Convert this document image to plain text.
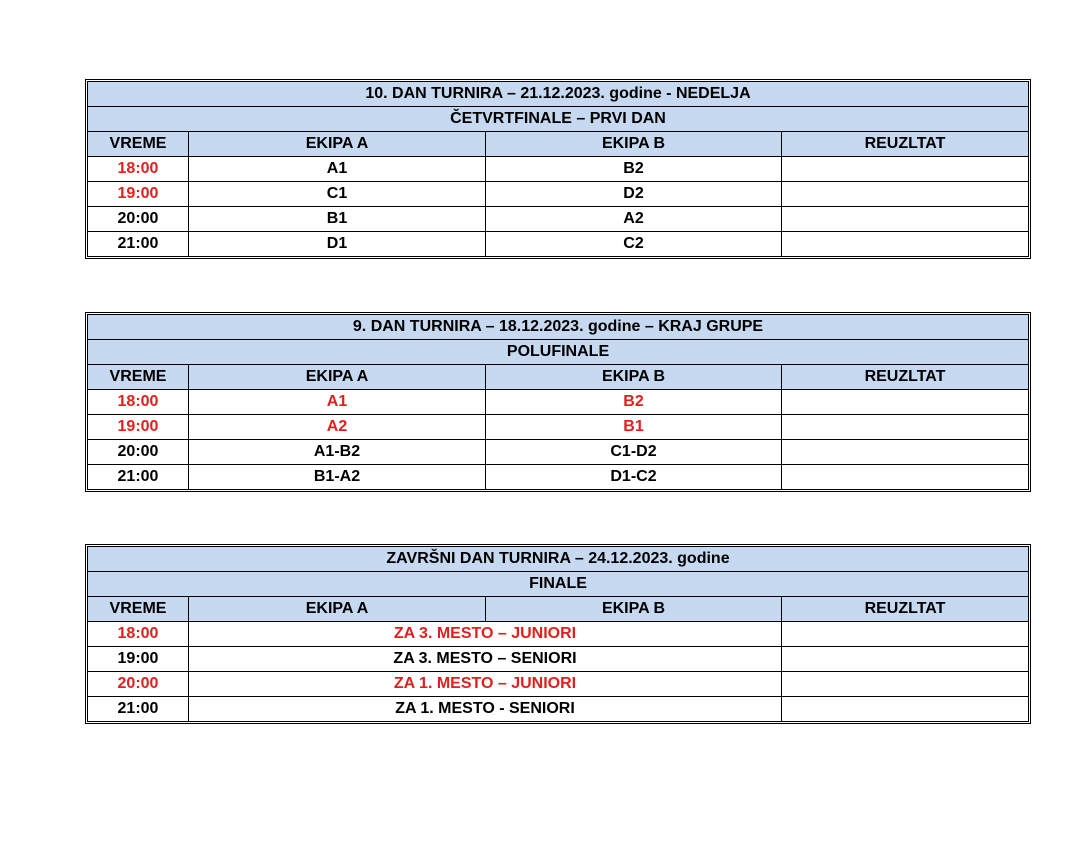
10. DAN TURNIRA – 21.12.2023. godine - NEDELJA			
ČETVRTFINALE – PRVI DAN			
VREME	EKIPA A	EKIPA B	REUZLTAT
18:00	A1	B2	
19:00	C1	D2	
20:00	B1	A2	
21:00	D1	C2	
9. DAN TURNIRA – 18.12.2023. godine – KRAJ GRUPE			
POLUFINALE			
VREME	EKIPA A	EKIPA B	REUZLTAT
18:00	A1	B2	
19:00	A2	B1	
20:00	A1-B2	C1-D2	
21:00	B1-A2	D1-C2	
ZAVRŠNI DAN TURNIRA – 24.12.2023. godine			
FINALE			
VREME	EKIPA A	EKIPA B	REUZLTAT
18:00	ZA 3. MESTO – JUNIORI		
19:00	ZA 3. MESTO – SENIORI		
20:00	ZA 1. MESTO – JUNIORI		
21:00	ZA 1. MESTO - SENIORI		
